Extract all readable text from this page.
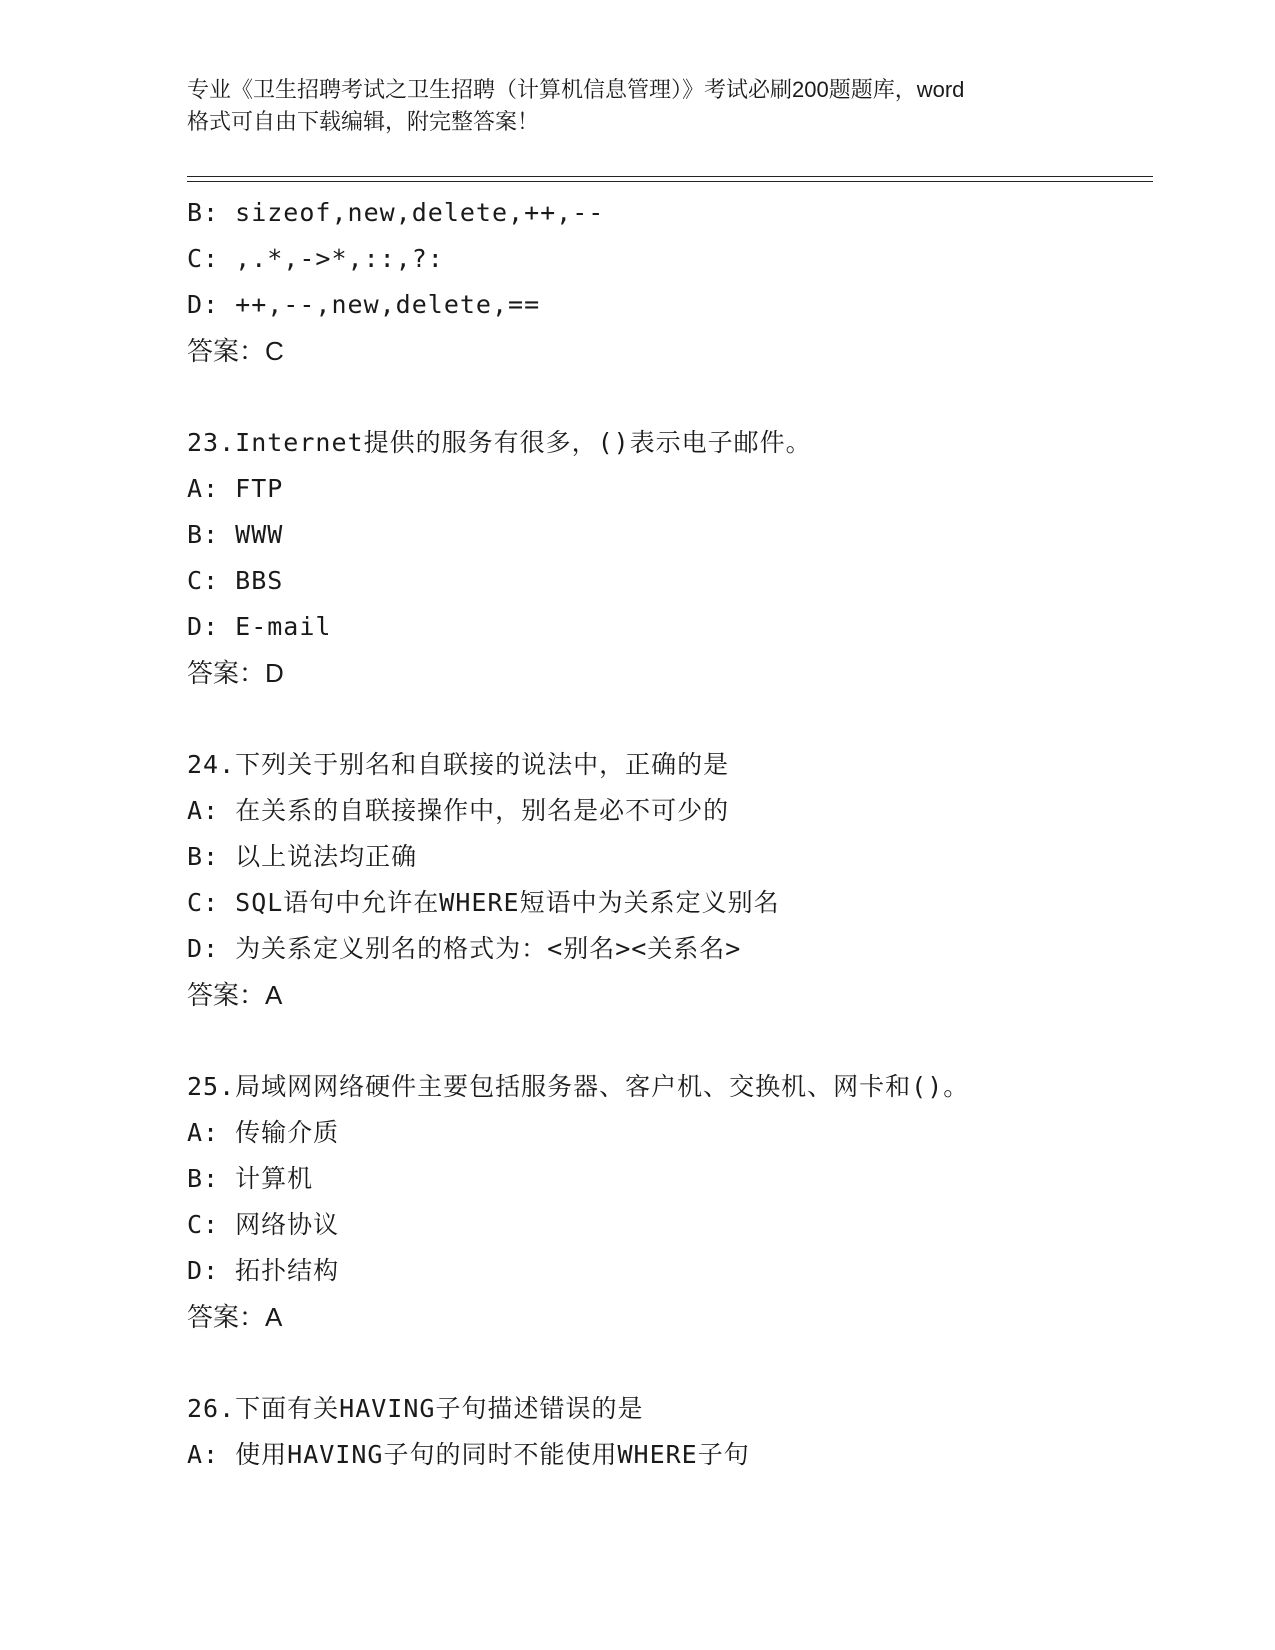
专业《卫生招聘考试之卫生招聘（计算机信息管理）》考试必刷200题题库，word
格式可自由下载编辑，附完整答案！
B: sizeof,new,delete,++,--
C: ,.*,->*,::,?:
D: ++,--,new,delete,==
答案：C
23.Internet提供的服务有很多，()表示电子邮件。
A: FTP
B: WWW
C: BBS
D: E-mail
答案：D
24.下列关于别名和自联接的说法中，正确的是
A: 在关系的自联接操作中，别名是必不可少的
B: 以上说法均正确
C: SQL语句中允许在WHERE短语中为关系定义别名
D: 为关系定义别名的格式为：<别名><关系名>
答案：A
25.局域网网络硬件主要包括服务器、客户机、交换机、网卡和()。
A: 传输介质
B: 计算机
C: 网络协议
D: 拓扑结构
答案：A
26.下面有关HAVING子句描述错误的是
A: 使用HAVING子句的同时不能使用WHERE子句
